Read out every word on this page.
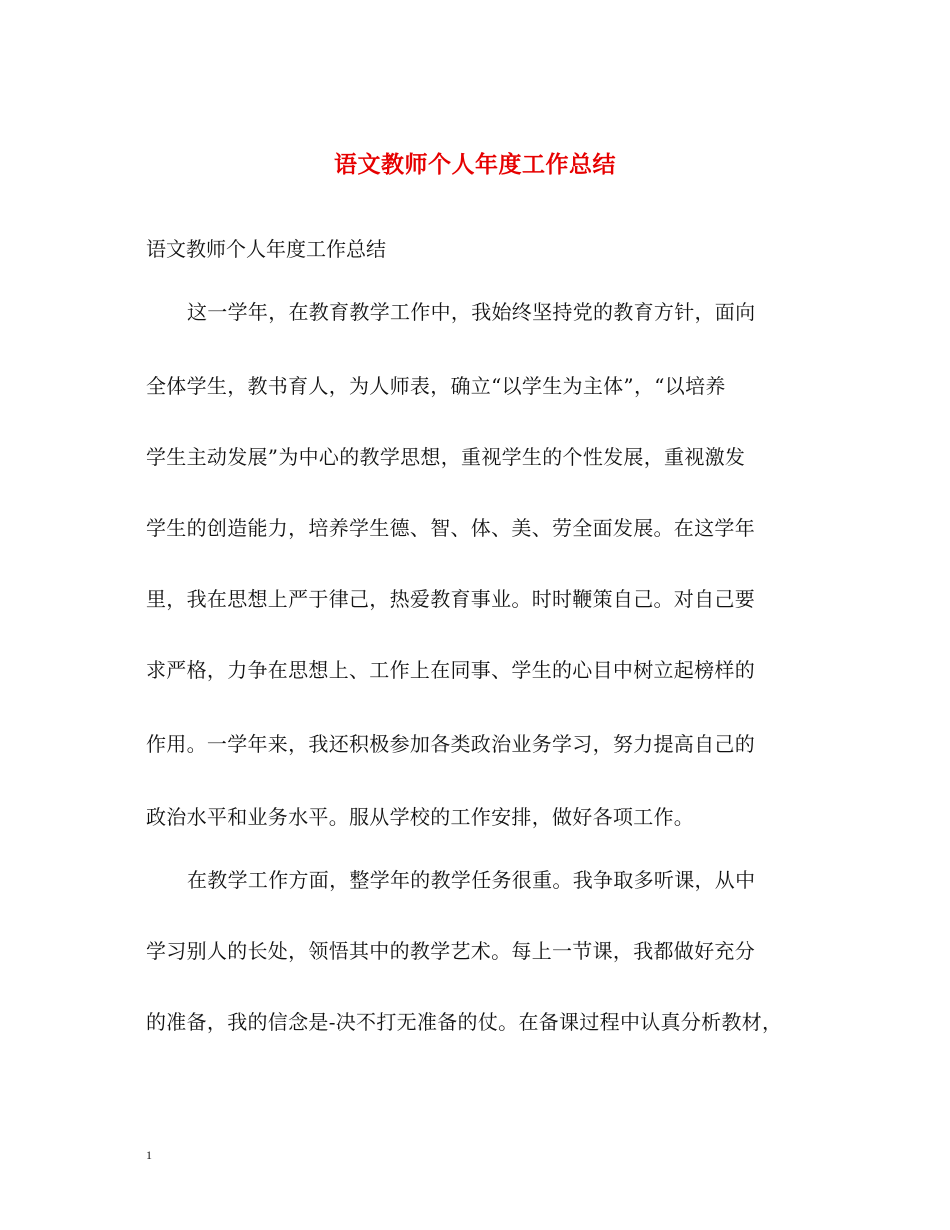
语文教师个人年度工作总结
语文教师个人年度工作总结
这一学年，在教育教学工作中，我始终坚持党的教育方针，面向
全体学生，教书育人，为人师表，确立“以学生为主体”，“以培养
学生主动发展”为中心的教学思想，重视学生的个性发展，重视激发
学生的创造能力，培养学生德、智、体、美、劳全面发展。在这学年
里，我在思想上严于律己，热爱教育事业。时时鞭策自己。对自己要
求严格，力争在思想上、工作上在同事、学生的心目中树立起榜样的
作用。一学年来，我还积极参加各类政治业务学习，努力提高自己的
政治水平和业务水平。服从学校的工作安排，做好各项工作。
在教学工作方面，整学年的教学任务很重。我争取多听课，从中
学习别人的长处，领悟其中的教学艺术。每上一节课，我都做好充分
的准备，我的信念是-决不打无准备的仗。在备课过程中认真分析教材，
1
